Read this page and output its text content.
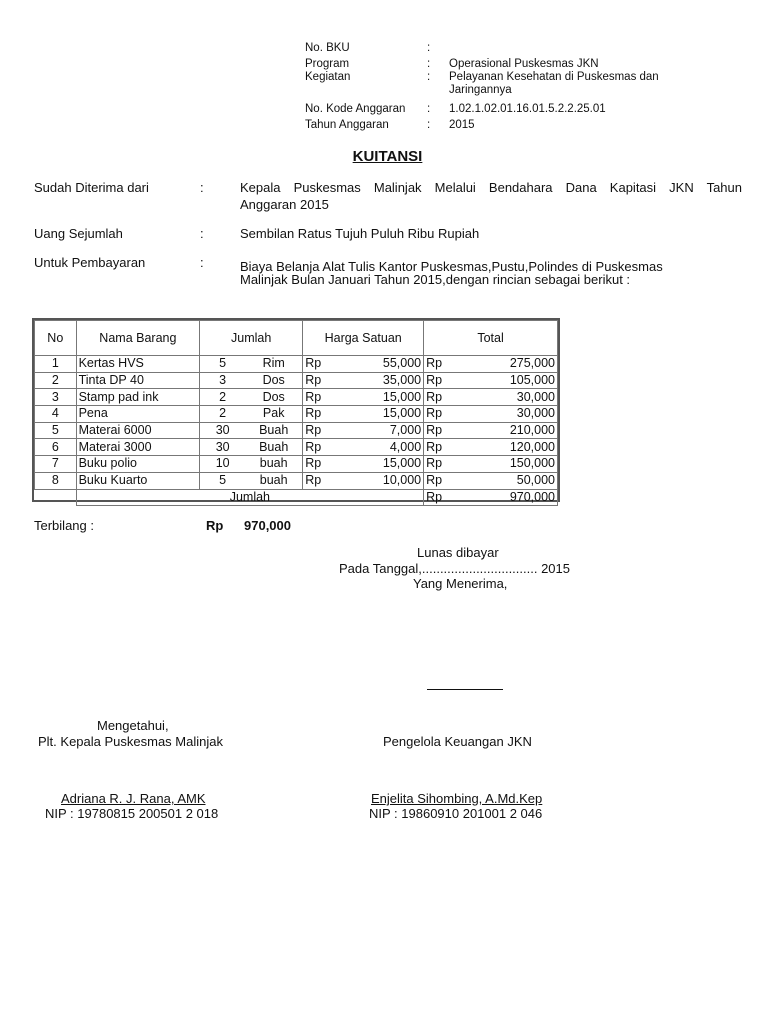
No. BKU	:
Program	: Operasional Puskesmas JKN
Kegiatan	: Pelayanan Kesehatan di Puskesmas dan
Jaringannya
No. Kode Anggaran : 1.02.1.02.01.16.01.5.2.2.25.01
Tahun Anggaran	: 2015
KUITANSI
Sudah Diterima dari	:	Kepala Puskesmas Malinjak Melalui Bendahara Dana Kapitasi JKN Tahun
Anggaran 2015
Uang Sejumlah	:	Sembilan Ratus Tujuh Puluh Ribu Rupiah
Untuk Pembayaran	:	Biaya Belanja Alat Tulis Kantor Puskesmas,Pustu,Polindes di Puskesmas
Malinjak Bulan Januari Tahun 2015,dengan rincian sebagai berikut :
No	Nama Barang	Jumlah		Harga Satuan		Total	
1	Kertas HVS	5	Rim	Rp	55,000	Rp	275,000
2	Tinta DP 40	3	Dos	Rp	35,000	Rp	105,000
3	Stamp pad ink	2	Dos	Rp	15,000	Rp	30,000
4	Pena	2	Pak	Rp	15,000	Rp	30,000
5	Materai 6000	30	Buah	Rp	7,000	Rp	210,000
6	Materai 3000	30	Buah	Rp	4,000	Rp	120,000
7	Buku polio	10	buah	Rp	15,000	Rp	150,000
8	Buku Kuarto	5	buah	Rp	10,000	Rp	50,000
	Jumlah					Rp	970,000
Terbilang :	Rp 970,000
Lunas dibayar
Pada Tanggal,................................ 2015
Yang Menerima,
Mengetahui,
Plt. Kepala Puskesmas Malinjak	Pengelola Keuangan JKN
Adriana R. J. Rana, AMK
NIP : 19780815 200501 2 018
Enjelita Sihombing, A.Md.Kep
NIP : 19860910 201001 2 046
